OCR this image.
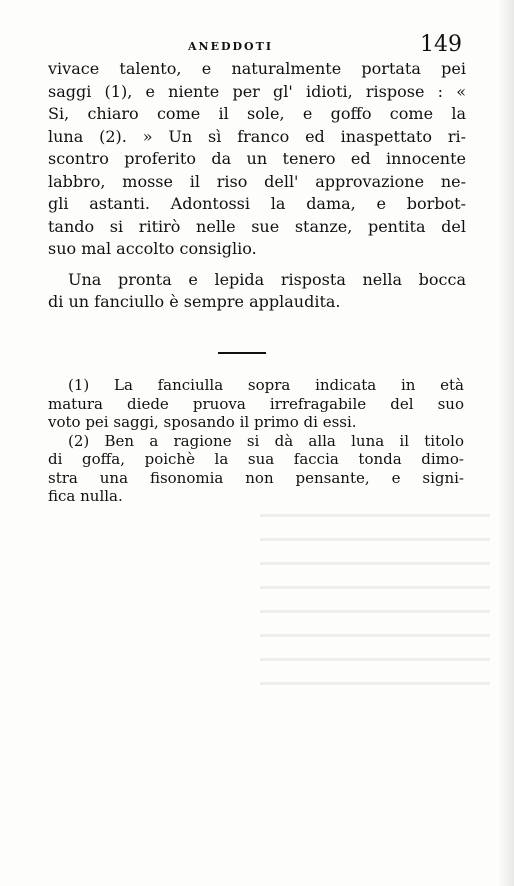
ANEDDOTI	149
vivace talento, e naturalmente portata pei
saggi (1), e niente per gl' idioti, rispose : «
Si, chiaro come il sole, e goffo come la
luna (2). » Un sì franco ed inaspettato ri-
scontro proferito da un tenero ed innocente
labbro, mosse il riso dell' approvazione ne-
gli astanti. Adontossi la dama, e borbot-
tando si ritirò nelle sue stanze, pentita del
suo mal accolto consiglio.
Una pronta e lepida risposta nella bocca
di un fanciullo è sempre applaudita.
(1) La fanciulla sopra indicata in età
matura diede pruova irrefragabile del suo
voto pei saggi, sposando il primo di essi.
(2) Ben a ragione si dà alla luna il titolo
di goffa, poichè la sua faccia tonda dimo-
stra una fisonomia non pensante, e signi-
fica nulla.
